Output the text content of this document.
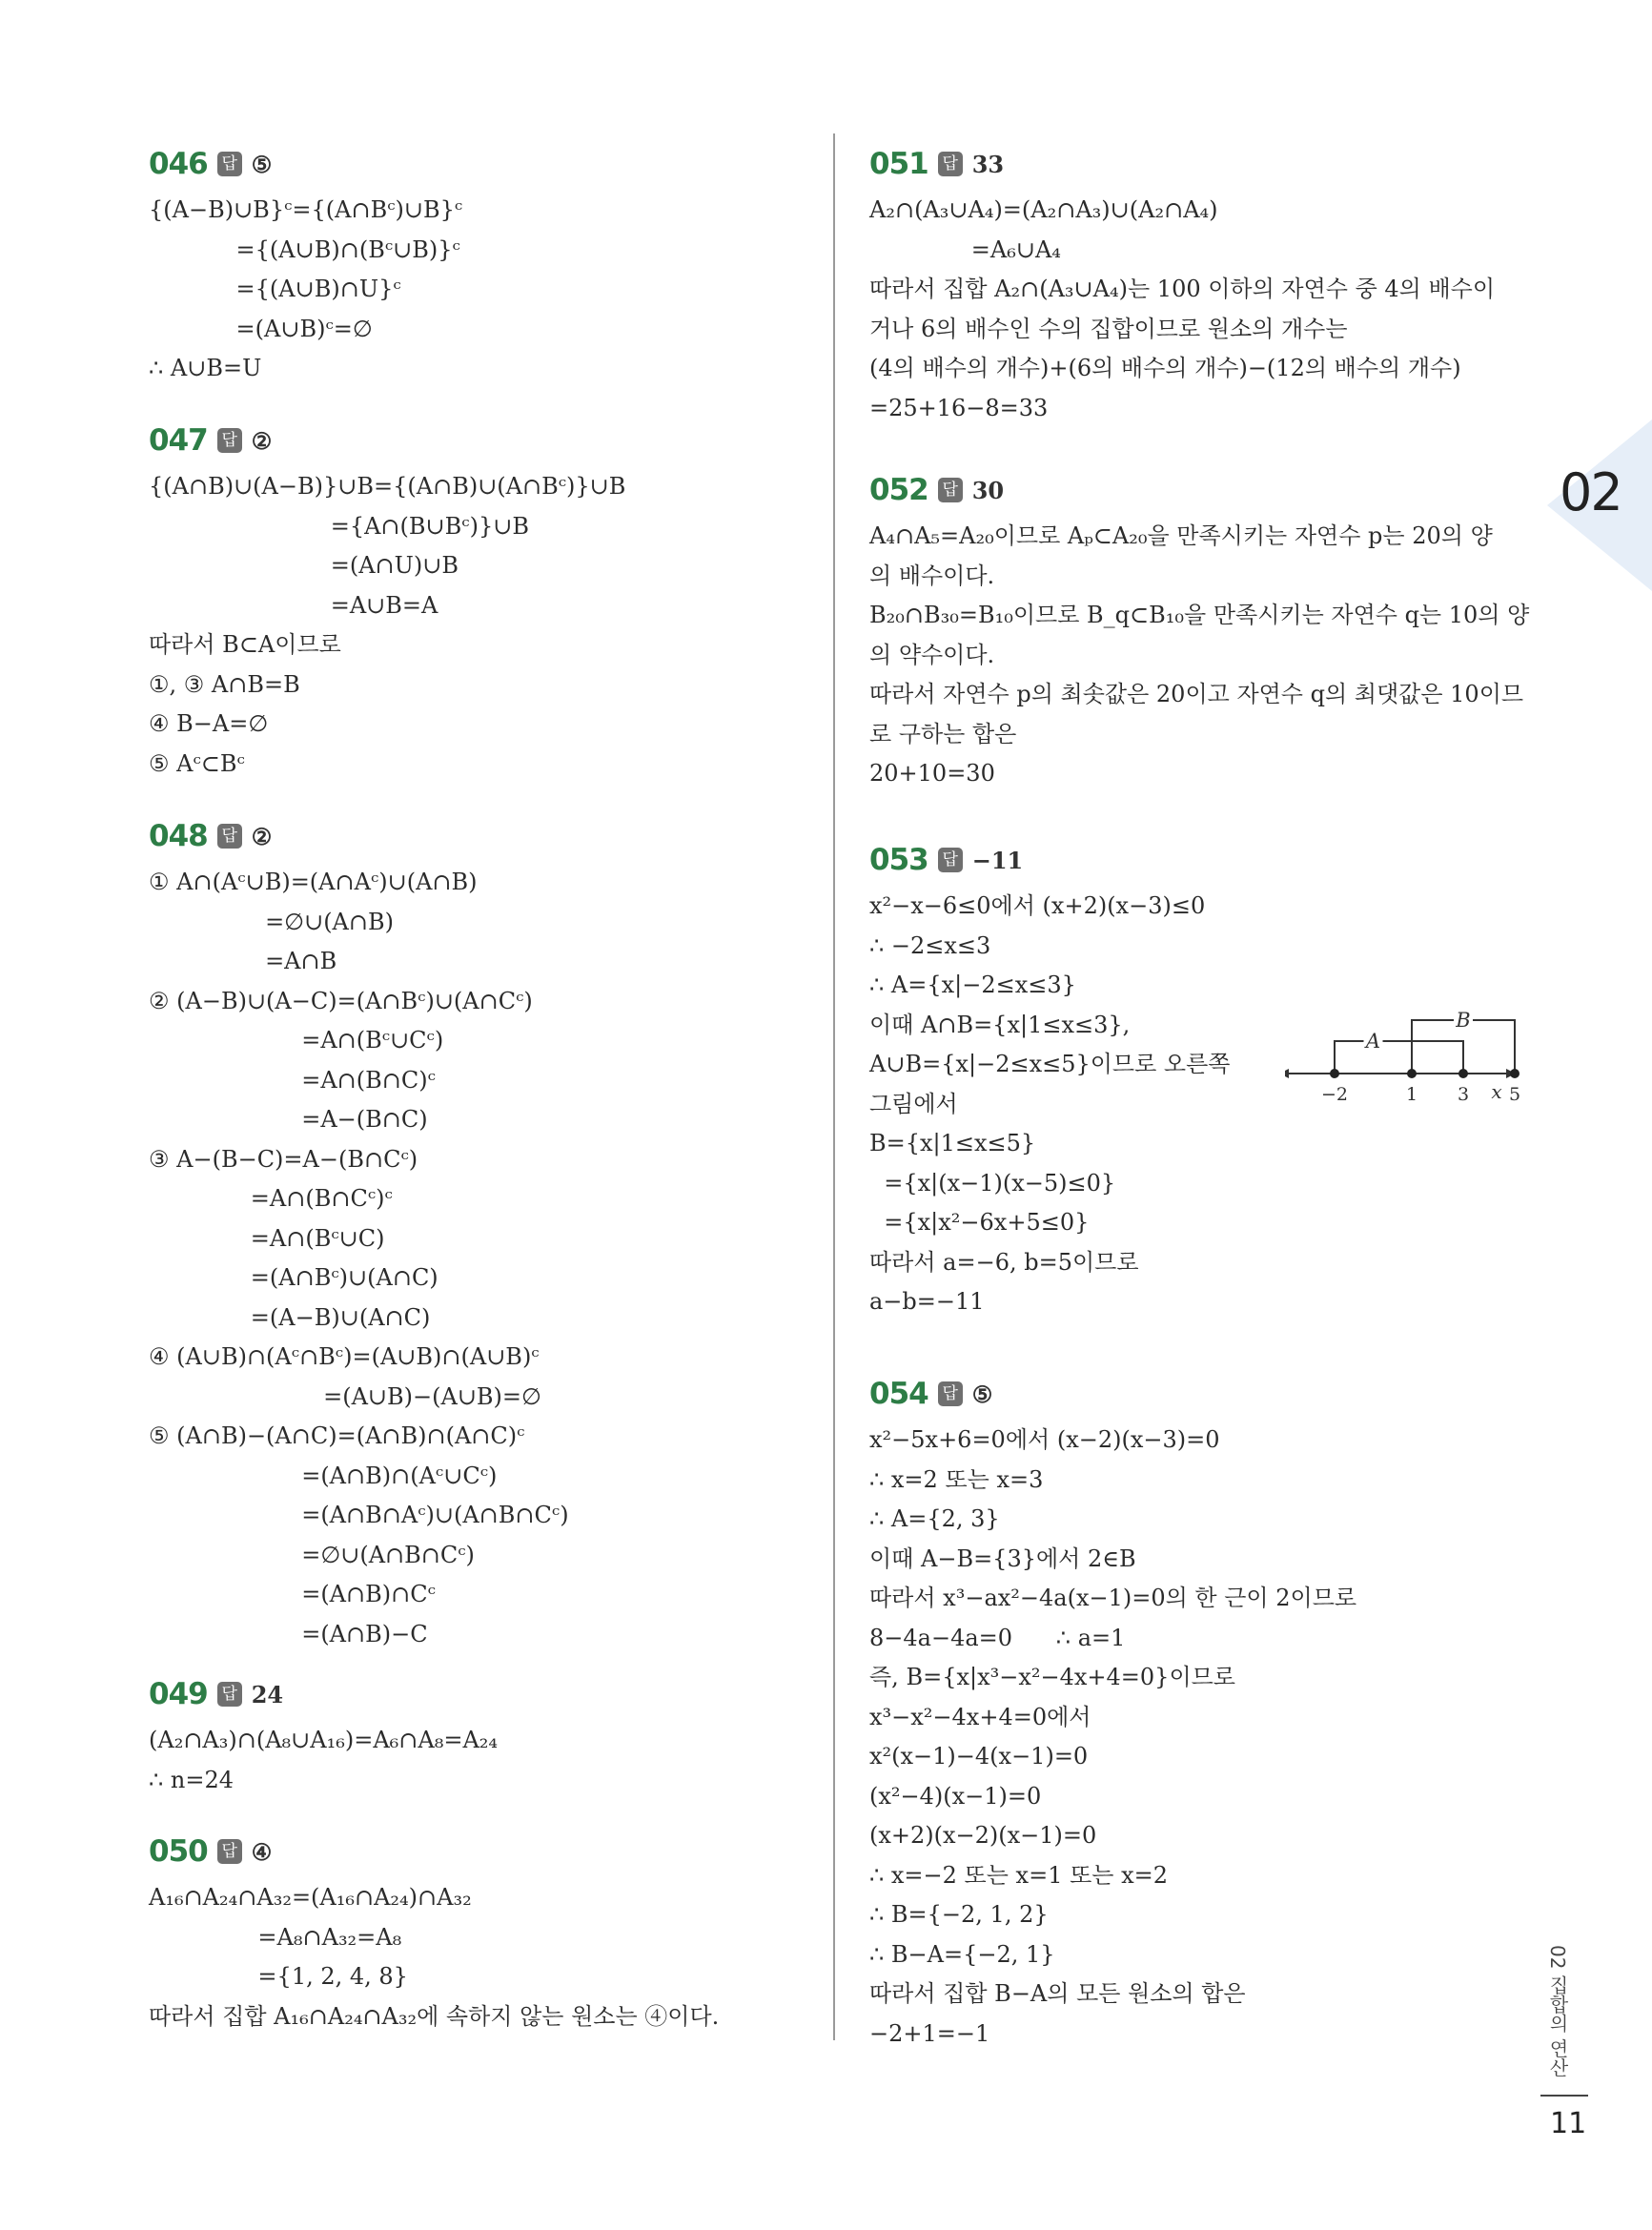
046 답 ⑤
{(A−B)∪B}ᶜ={(A∩Bᶜ)∪B}ᶜ
={(A∪B)∩(Bᶜ∪B)}ᶜ
={(A∪B)∩U}ᶜ
=(A∪B)ᶜ=∅
∴ A∪B=U
047 답 ②
{(A∩B)∪(A−B)}∪B={(A∩B)∪(A∩Bᶜ)}∪B
={A∩(B∪Bᶜ)}∪B
=(A∩U)∪B
=A∪B=A
따라서 B⊂A이므로
①, ③ A∩B=B
④ B−A=∅
⑤ Aᶜ⊂Bᶜ
048 답 ②
① A∩(Aᶜ∪B)=(A∩Aᶜ)∪(A∩B)
=∅∪(A∩B)
=A∩B
② (A−B)∪(A−C)=(A∩Bᶜ)∪(A∩Cᶜ)
=A∩(Bᶜ∪Cᶜ)
=A∩(B∩C)ᶜ
=A−(B∩C)
③ A−(B−C)=A−(B∩Cᶜ)
=A∩(B∩Cᶜ)ᶜ
=A∩(Bᶜ∪C)
=(A∩Bᶜ)∪(A∩C)
=(A−B)∪(A∩C)
④ (A∪B)∩(Aᶜ∩Bᶜ)=(A∪B)∩(A∪B)ᶜ
=(A∪B)−(A∪B)=∅
⑤ (A∩B)−(A∩C)=(A∩B)∩(A∩C)ᶜ
=(A∩B)∩(Aᶜ∪Cᶜ)
=(A∩B∩Aᶜ)∪(A∩B∩Cᶜ)
=∅∪(A∩B∩Cᶜ)
=(A∩B)∩Cᶜ
=(A∩B)−C
049 답 24
(A₂∩A₃)∩(A₈∪A₁₆)=A₆∩A₈=A₂₄
∴ n=24
050 답 ④
A₁₆∩A₂₄∩A₃₂=(A₁₆∩A₂₄)∩A₃₂
=A₈∩A₃₂=A₈
={1, 2, 4, 8}
따라서 집합 A₁₆∩A₂₄∩A₃₂에 속하지 않는 원소는 ④이다.
051 답 33
A₂∩(A₃∪A₄)=(A₂∩A₃)∪(A₂∩A₄)
=A₆∪A₄
따라서 집합 A₂∩(A₃∪A₄)는 100 이하의 자연수 중 4의 배수이
거나 6의 배수인 수의 집합이므로 원소의 개수는
(4의 배수의 개수)+(6의 배수의 개수)−(12의 배수의 개수)
=25+16−8=33
052 답 30
A₄∩A₅=A₂₀이므로 Aₚ⊂A₂₀을 만족시키는 자연수 p는 20의 양
의 배수이다.
B₂₀∩B₃₀=B₁₀이므로 B_q⊂B₁₀을 만족시키는 자연수 q는 10의 양
의 약수이다.
따라서 자연수 p의 최솟값은 20이고 자연수 q의 최댓값은 10이므
로 구하는 합은
20+10=30
053 답 −11
x²−x−6≤0에서 (x+2)(x−3)≤0
∴ −2≤x≤3
∴ A={x|−2≤x≤3}
이때 A∩B={x|1≤x≤3},
A∪B={x|−2≤x≤5}이므로 오른쪽
그림에서
B={x|1≤x≤5}
={x|(x−1)(x−5)≤0}
={x|x²−6x+5≤0}
따라서 a=−6, b=5이므로
a−b=−11
054 답 ⑤
x²−5x+6=0에서 (x−2)(x−3)=0
∴ x=2 또는 x=3
∴ A={2, 3}
이때 A−B={3}에서 2∈B
따라서 x³−ax²−4a(x−1)=0의 한 근이 2이므로
8−4a−4a=0      ∴ a=1
즉, B={x|x³−x²−4x+4=0}이므로
x³−x²−4x+4=0에서
x²(x−1)−4(x−1)=0
(x²−4)(x−1)=0
(x+2)(x−2)(x−1)=0
∴ x=−2 또는 x=1 또는 x=2
∴ B={−2, 1, 2}
∴ B−A={−2, 1}
따라서 집합 B−A의 모든 원소의 합은
−2+1=−1
A
B
−2	1 3 5
x
02
02 집합의 연산
11
